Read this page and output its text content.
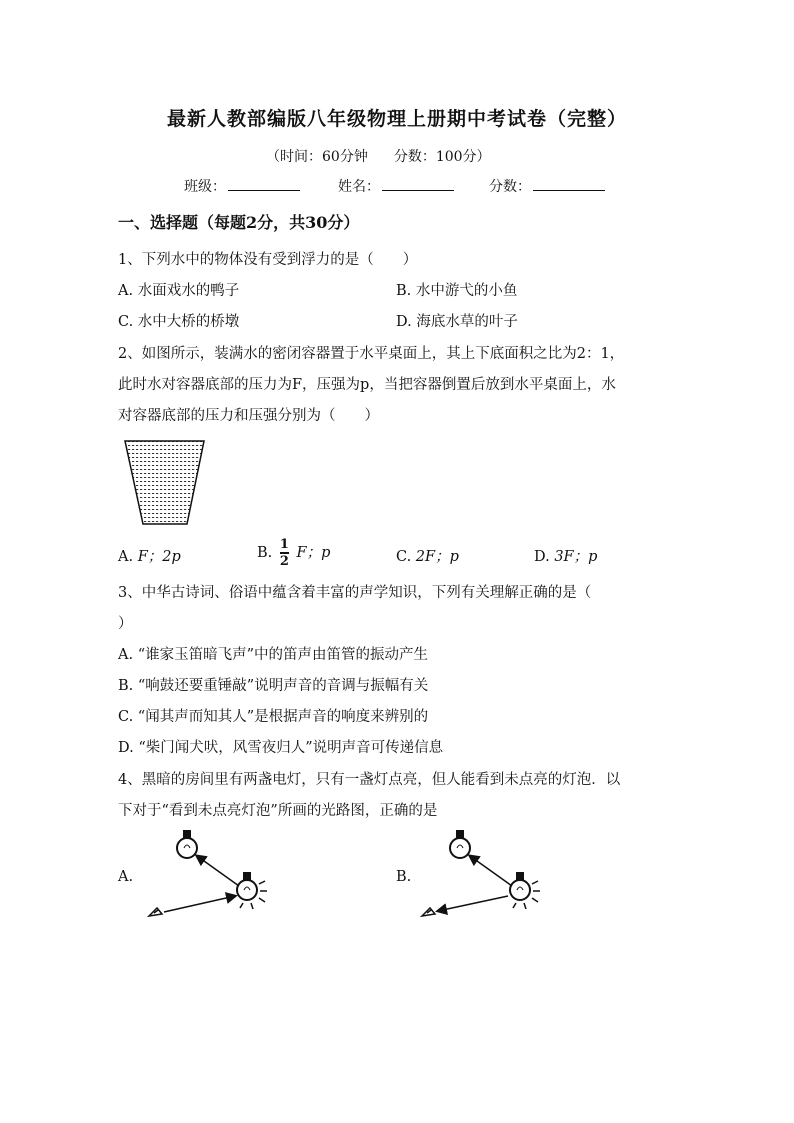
最新人教部编版八年级物理上册期中考试卷（完整）
（时间：60分钟 分数：100分）
班级：	姓名：	分数：
一、选择题（每题2分，共30分）
1、下列水中的物体没有受到浮力的是（　　）
A. 水面戏水的鸭子	B. 水中游弋的小鱼
C. 水中大桥的桥墩	D. 海底水草的叶子
2、如图所示，装满水的密闭容器置于水平桌面上，其上下底面积之比为2：1，
此时水对容器底部的压力为F，压强为p，当把容器倒置后放到水平桌面上，水
对容器底部的压力和压强分别为（　　）
A. F；2p	B. $\frac{1}{2}$ F；p	C. 2F；p	D. 3F；p
3、中华古诗词、俗语中蕴含着丰富的声学知识，下列有关理解正确的是（
）
A. “谁家玉笛暗飞声”中的笛声由笛管的振动产生
B. “响鼓还要重锤敲”说明声音的音调与振幅有关
C. “闻其声而知其人”是根据声音的响度来辨别的
D. “柴门闻犬吠，风雪夜归人”说明声音可传递信息
4、黑暗的房间里有两盏电灯，只有一盏灯点亮，但人能看到未点亮的灯泡．以
下对于“看到未点亮灯泡”所画的光路图，正确的是
A.	B.
